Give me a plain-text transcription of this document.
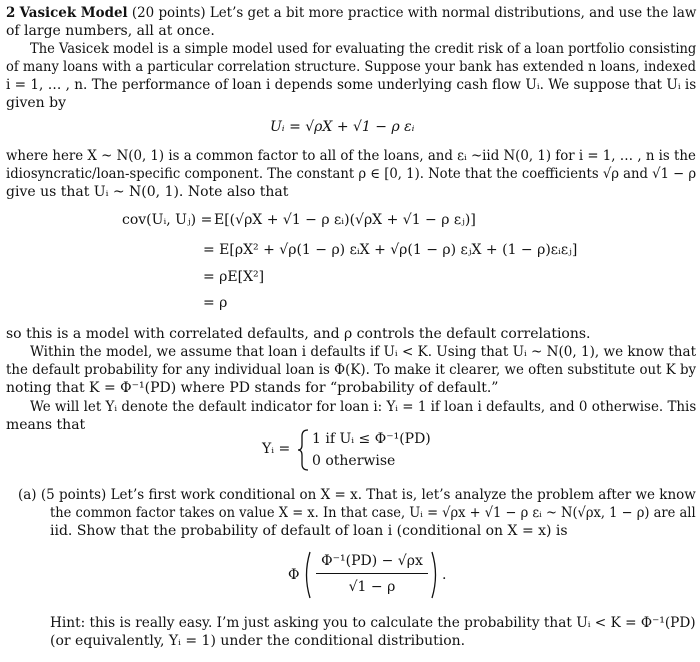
2 Vasicek Model (20 points) Let’s get a bit more practice with normal distributions, and use the law
of large numbers, all at once.
The Vasicek model is a simple model used for evaluating the credit risk of a loan portfolio consisting
of many loans with a particular correlation structure. Suppose your bank has extended n loans, indexed
i = 1, … , n. The performance of loan i depends some underlying cash flow Uᵢ. We suppose that Uᵢ is
given by
Uᵢ = √ρX + √1 − ρ εᵢ
where here X ~ N(0, 1) is a common factor to all of the loans, and εᵢ ~iid N(0, 1) for i = 1, … , n is the
idiosyncratic/loan-specific component. The constant ρ ∈ [0, 1). Note that the coefficients √ρ and √1 − ρ
give us that Uᵢ ~ N(0, 1). Note also that
cov(Uᵢ, Uⱼ) = E[(√ρX + √1 − ρ εᵢ)(√ρX + √1 − ρ εⱼ)]
= E[ρX² + √ρ(1 − ρ) εᵢX + √ρ(1 − ρ) εⱼX + (1 − ρ)εᵢεⱼ]
= ρE[X²]
= ρ
so this is a model with correlated defaults, and ρ controls the default correlations.
Within the model, we assume that loan i defaults if Uᵢ < K. Using that Uᵢ ~ N(0, 1), we know that
the default probability for any individual loan is Φ(K). To make it clearer, we often substitute out K by
noting that K = Φ⁻¹(PD) where PD stands for “probability of default.”
We will let Yᵢ denote the default indicator for loan i: Yᵢ = 1 if loan i defaults, and 0 otherwise. This
means that
Yᵢ =
1 if Uᵢ ≤ Φ⁻¹(PD)
0 otherwise
(a) (5 points) Let’s first work conditional on X = x. That is, let’s analyze the problem after we know
the common factor takes on value X = x. In that case, Uᵢ = √ρx + √1 − ρ εᵢ ~ N(√ρx, 1 − ρ) are all
iid. Show that the probability of default of loan i (conditional on X = x) is
Φ
Φ⁻¹(PD) − √ρx
√1 − ρ
.
Hint: this is really easy. I’m just asking you to calculate the probability that Uᵢ < K = Φ⁻¹(PD)
(or equivalently, Yᵢ = 1) under the conditional distribution.
